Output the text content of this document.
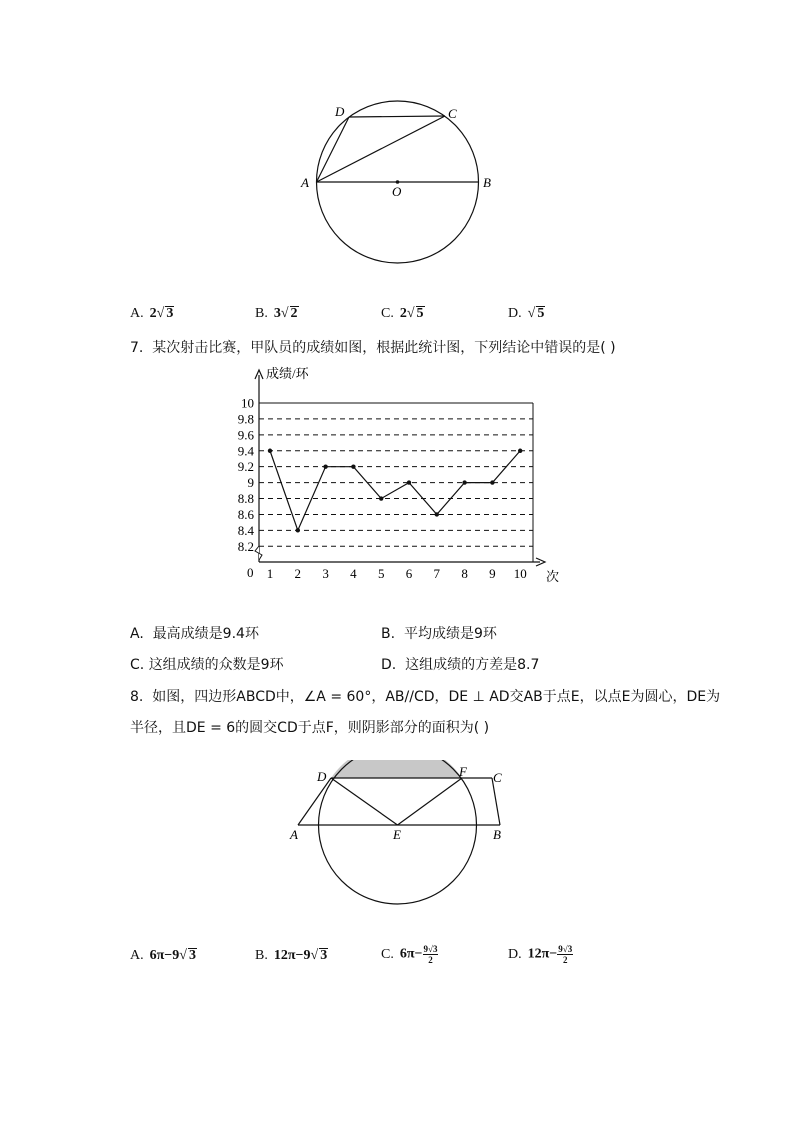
A	B
C
D
O
A. 2√ 3	B. 3√ 2	C. 2√ 5	D. √ 5
7. 某次射击比赛，甲队员的成绩如图，根据此统计图，下列结论中错误的是( )
成绩/环
次
0
8.2
8.4
8.6
8.8
9
9.2
9.4
9.6
9.8
10
1 2 3 4 5 6 7 8 9 10
A. 最高成绩是9.4环	B. 平均成绩是9环
C. 这组成绩的众数是9环	D. 这组成绩的方差是8.7
8. 如图，四边形ABCD中，∠A = 60°，AB//CD，DE ⊥ AD交AB于点E，以点E为圆心，DE为
半径，且DE = 6的圆交CD于点F，则阴影部分的面积为( )
A	B
C
D
E
F
A. 6π−9√ 3	B. 12π−9√ 3	C. $6\pi- \frac{9√3}{2}$	D. $12\pi- \frac{9√3}{2}$
